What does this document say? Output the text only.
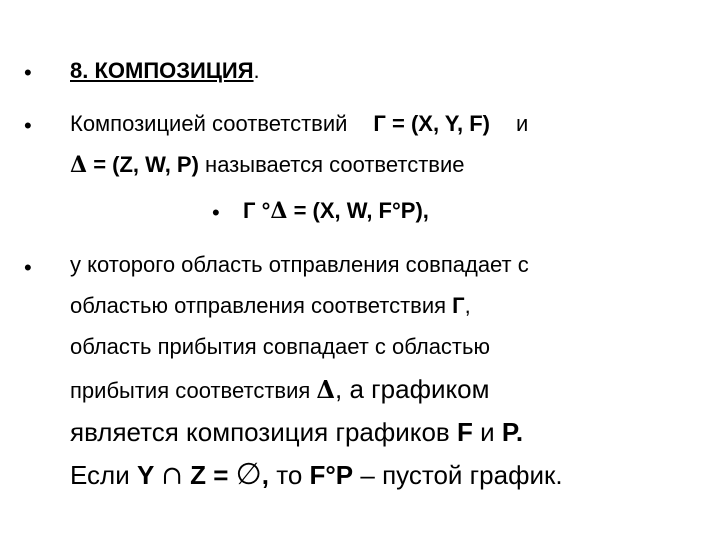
• 8. КОМПОЗИЦИЯ.
• Композицией соответствий Г = (X, Y, F) и
Δ = (Z, W, P) называется соответствие
• Г °Δ = (X, W, F°P),
• у которого область отправления совпадает с
областью отправления соответствия Г,
область прибытия совпадает с областью
прибытия соответствия Δ, а графиком
является композиция графиков F и P.
Если Y ∩ Z = ∅, то F°P – пустой график.
